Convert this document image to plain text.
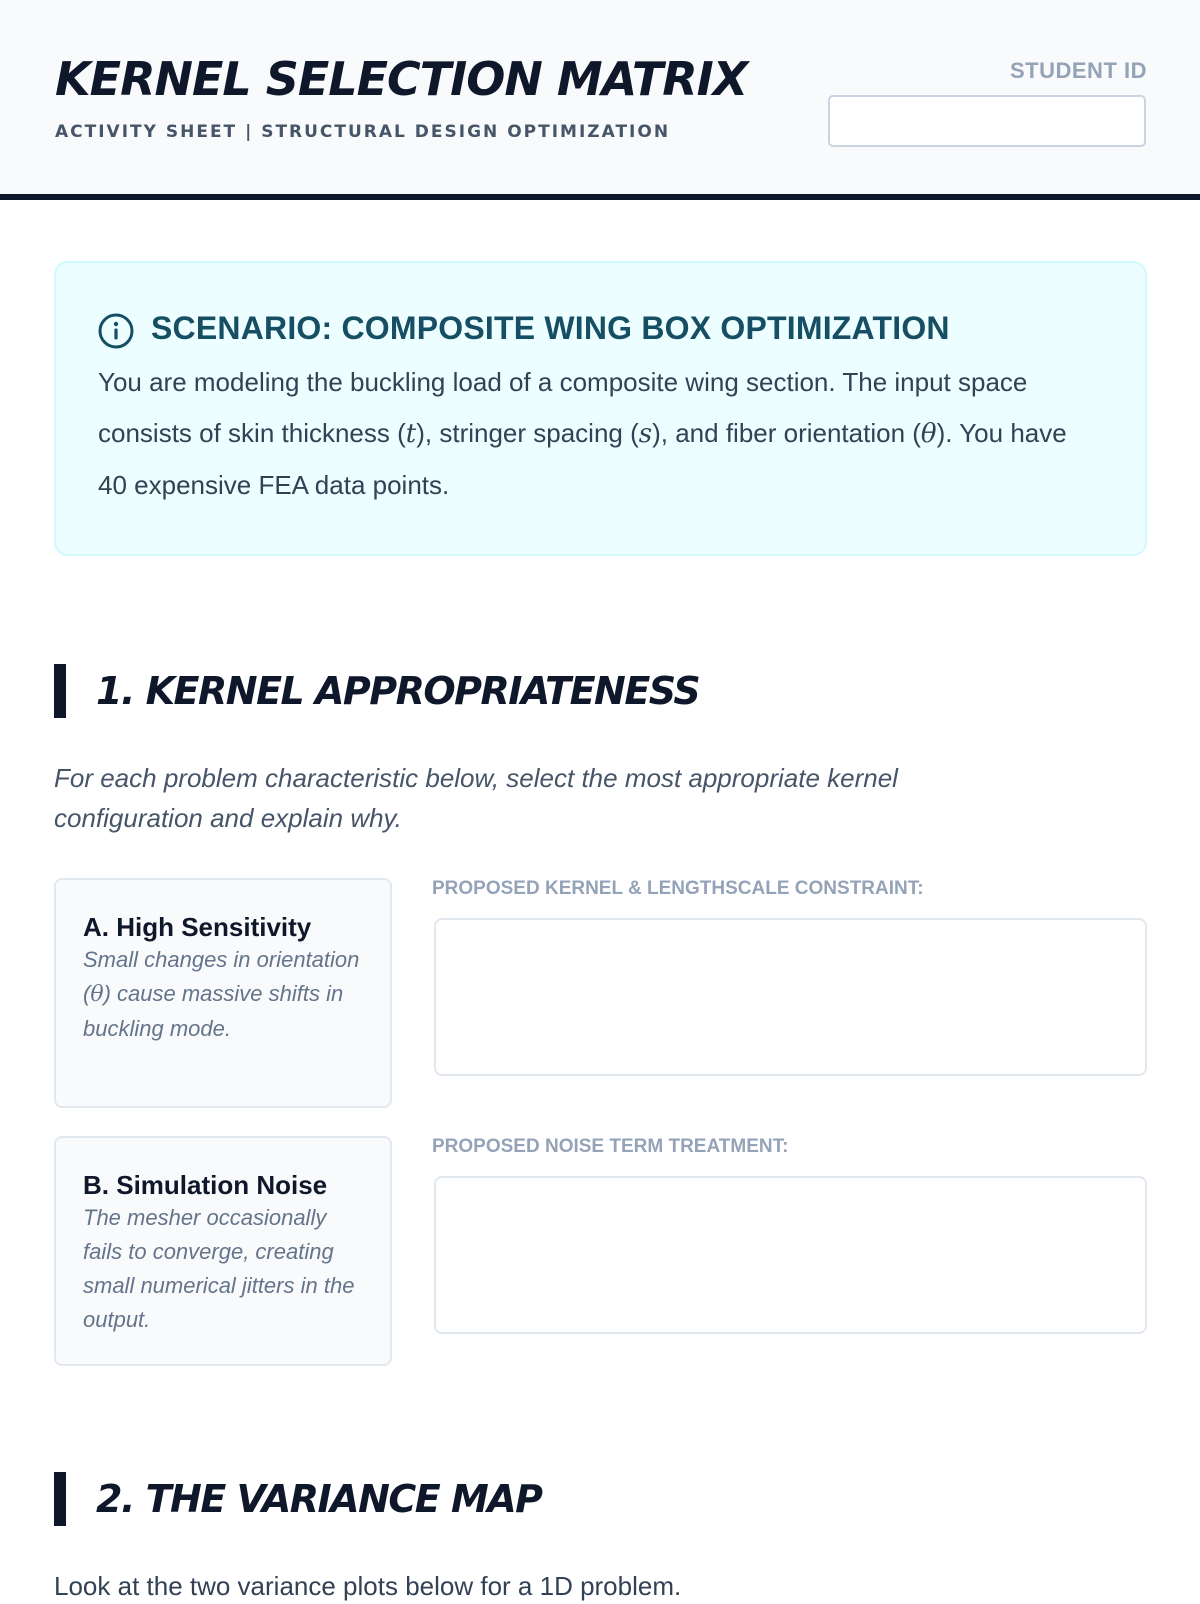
KERNEL SELECTION MATRIX
ACTIVITY SHEET | STRUCTURAL DESIGN OPTIMIZATION
STUDENT ID
SCENARIO: COMPOSITE WING BOX OPTIMIZATION
You are modeling the buckling load of a composite wing section. The input space consists of skin thickness (t), stringer spacing (s), and fiber orientation (θ). You have 40 expensive FEA data points.
1. KERNEL APPROPRIATENESS
For each problem characteristic below, select the most appropriate kernel configuration and explain why.
A. High Sensitivity
Small changes in orientation (θ) cause massive shifts in buckling mode.
PROPOSED KERNEL & LENGTHSCALE CONSTRAINT:
B. Simulation Noise
The mesher occasionally fails to converge, creating small numerical jitters in the output.
PROPOSED NOISE TERM TREATMENT:
2. THE VARIANCE MAP
Look at the two variance plots below for a 1D problem.
